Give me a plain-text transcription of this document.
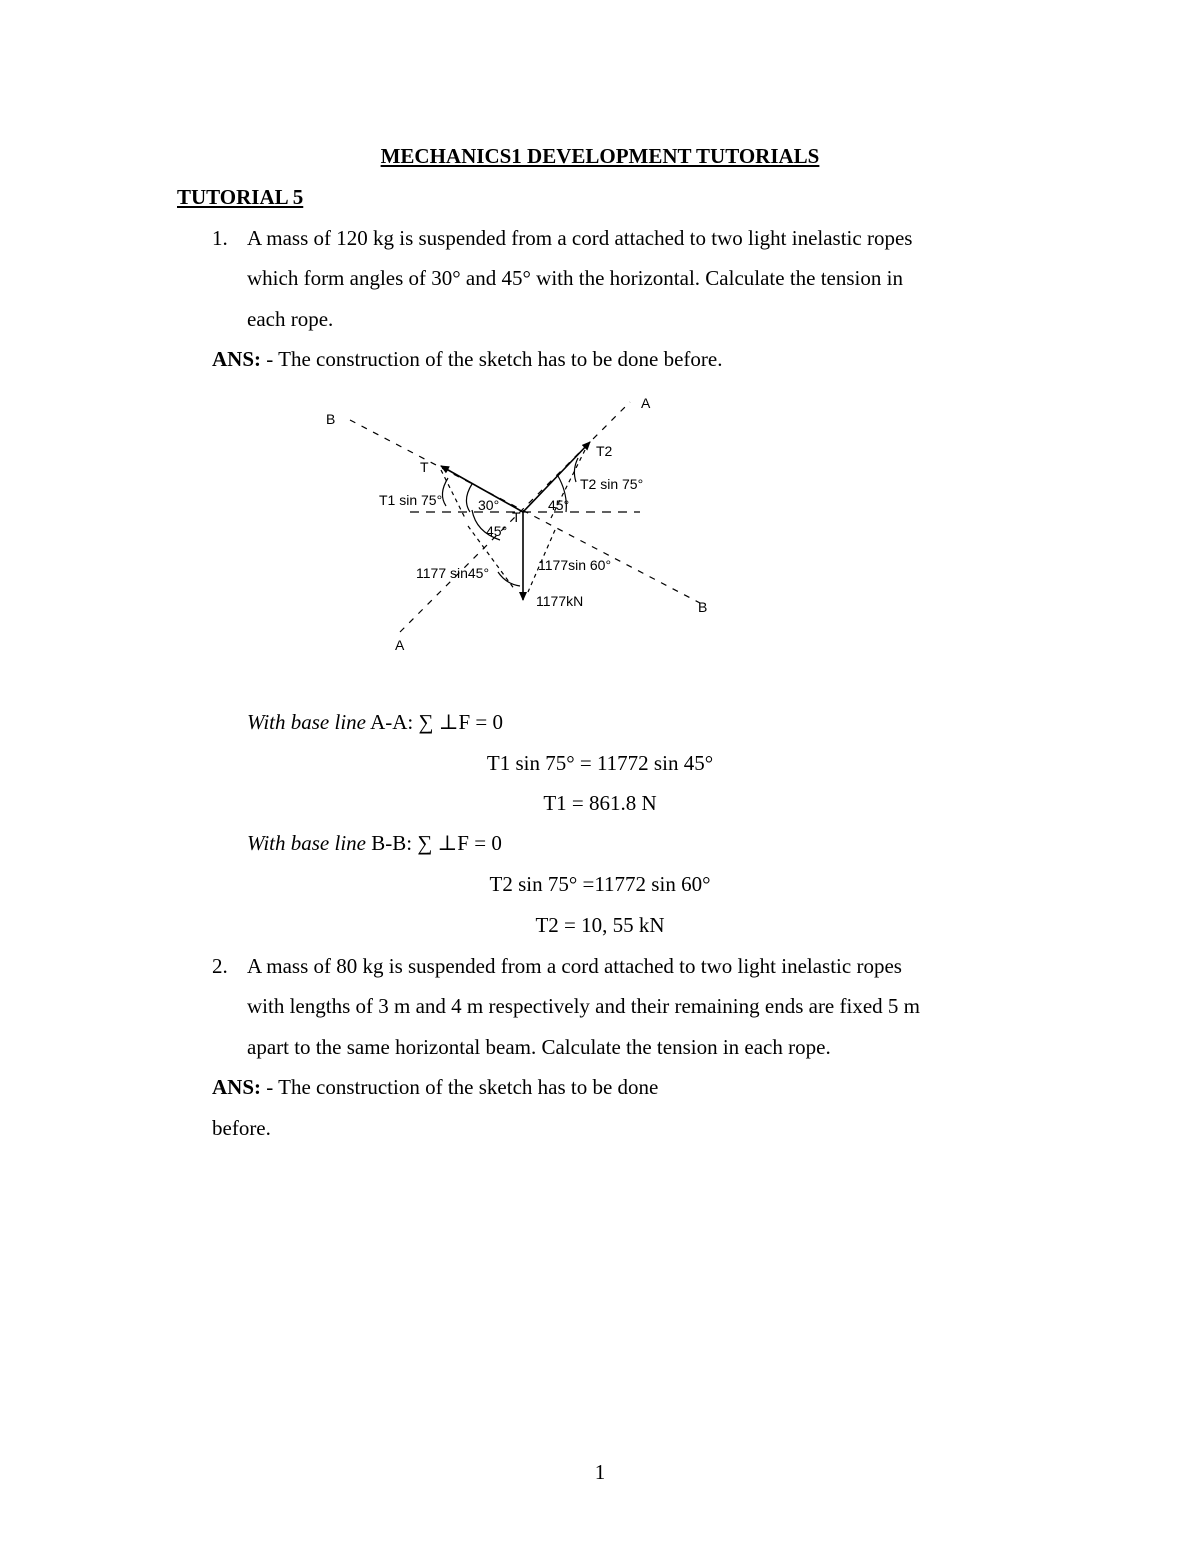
MECHANICS1 DEVELOPMENT TUTORIALS
TUTORIAL 5
1. A mass of 120 kg is suspended from a cord attached to two light inelastic ropes
which form angles of 30° and 45° with the horizontal. Calculate the tension in
each rope.
ANS: - The construction of the sketch has to be done before.
B
A
A
B
T2
T
T1 sin 75°
T2 sin 75°
30°	45°
45°
T
1177 sin45°	1177sin 60°
1177kN
With base line A-A: ∑ ⊥F = 0
T1 sin 75° = 11772 sin 45°
T1 = 861.8 N
With base line B-B: ∑ ⊥F = 0
T2 sin 75° =11772 sin 60°
T2 = 10, 55 kN
2. A mass of 80 kg is suspended from a cord attached to two light inelastic ropes
with lengths of 3 m and 4 m respectively and their remaining ends are fixed 5 m
apart to the same horizontal beam. Calculate the tension in each rope.
ANS: - The construction of the sketch has to be done
before.
1
